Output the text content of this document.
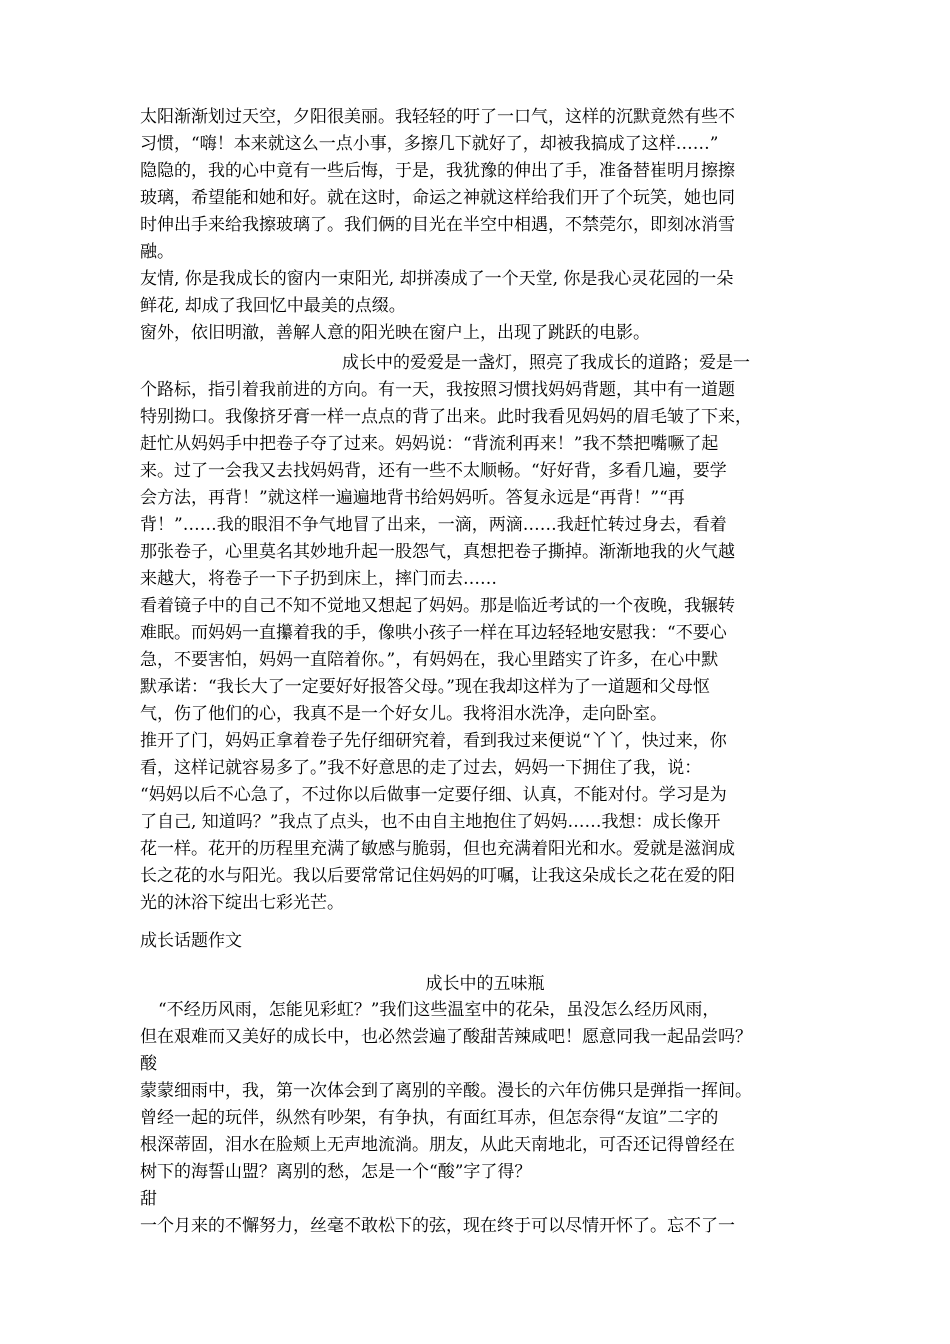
太阳渐渐划过天空，夕阳很美丽。我轻轻的吁了一口气，这样的沉默竟然有些不
习惯，“嗨！本来就这么一点小事，多擦几下就好了，却被我搞成了这样……”
隐隐的，我的心中竟有一些后悔，于是，我犹豫的伸出了手，准备替崔明月擦擦
玻璃，希望能和她和好。就在这时，命运之神就这样给我们开了个玩笑，她也同
时伸出手来给我擦玻璃了。我们俩的目光在半空中相遇，不禁莞尔，即刻冰消雪
融。
友情, 你是我成长的窗内一束阳光, 却拼凑成了一个天堂, 你是我心灵花园的一朵
鲜花, 却成了我回忆中最美的点缀。
窗外，依旧明澈，善解人意的阳光映在窗户上，出现了跳跃的电影。
成长中的爱爱是一盏灯，照亮了我成长的道路；爱是一
个路标，指引着我前进的方向。有一天，我按照习惯找妈妈背题，其中有一道题
特别拗口。我像挤牙膏一样一点点的背了出来。此时我看见妈妈的眉毛皱了下来，
赶忙从妈妈手中把卷子夺了过来。妈妈说：“背流利再来！”我不禁把嘴噘了起
来。过了一会我又去找妈妈背，还有一些不太顺畅。“好好背，多看几遍，要学
会方法，再背！”就这样一遍遍地背书给妈妈听。答复永远是“再背！”“再
背！”……我的眼泪不争气地冒了出来，一滴，两滴……我赶忙转过身去，看着
那张卷子，心里莫名其妙地升起一股怨气，真想把卷子撕掉。渐渐地我的火气越
来越大，将卷子一下子扔到床上，摔门而去……
看着镜子中的自己不知不觉地又想起了妈妈。那是临近考试的一个夜晚，我辗转
难眠。而妈妈一直攥着我的手，像哄小孩子一样在耳边轻轻地安慰我：“不要心
急，不要害怕，妈妈一直陪着你。”，有妈妈在，我心里踏实了许多，在心中默
默承诺：“我长大了一定要好好报答父母。”现在我却这样为了一道题和父母怄
气，伤了他们的心，我真不是一个好女儿。我将泪水洗净，走向卧室。
推开了门，妈妈正拿着卷子先仔细研究着，看到我过来便说“丫丫，快过来，你
看，这样记就容易多了。”我不好意思的走了过去，妈妈一下拥住了我，说：
“妈妈以后不心急了，不过你以后做事一定要仔细、认真，不能对付。学习是为
了自己, 知道吗？”我点了点头，也不由自主地抱住了妈妈……我想：成长像开
花一样。花开的历程里充满了敏感与脆弱，但也充满着阳光和水。爱就是滋润成
长之花的水与阳光。我以后要常常记住妈妈的叮嘱，让我这朵成长之花在爱的阳
光的沐浴下绽出七彩光芒。
成长话题作文
成长中的五味瓶
“不经历风雨，怎能见彩虹？”我们这些温室中的花朵，虽没怎么经历风雨，
但在艰难而又美好的成长中，也必然尝遍了酸甜苦辣咸吧！愿意同我一起品尝吗？
酸
蒙蒙细雨中，我，第一次体会到了离别的辛酸。漫长的六年仿佛只是弹指一挥间。
曾经一起的玩伴，纵然有吵架，有争执，有面红耳赤，但怎奈得“友谊”二字的
根深蒂固，泪水在脸颊上无声地流淌。朋友，从此天南地北，可否还记得曾经在
树下的海誓山盟？离别的愁，怎是一个“酸”字了得？
甜
一个月来的不懈努力，丝毫不敢松下的弦，现在终于可以尽情开怀了。忘不了一
